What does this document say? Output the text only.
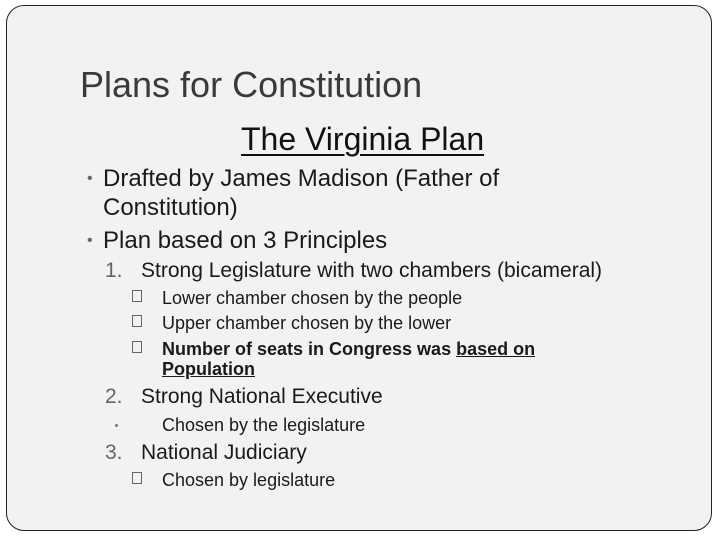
Plans for Constitution
The Virginia Plan
• Drafted by James Madison (Father of Constitution)
• Plan based on 3 Principles
1. Strong Legislature with two chambers (bicameral)
Lower chamber chosen by the people
Upper chamber chosen by the lower
Number of seats in Congress was based on Population
2. Strong National Executive
Chosen by the legislature
3. National Judiciary
Chosen by legislature
